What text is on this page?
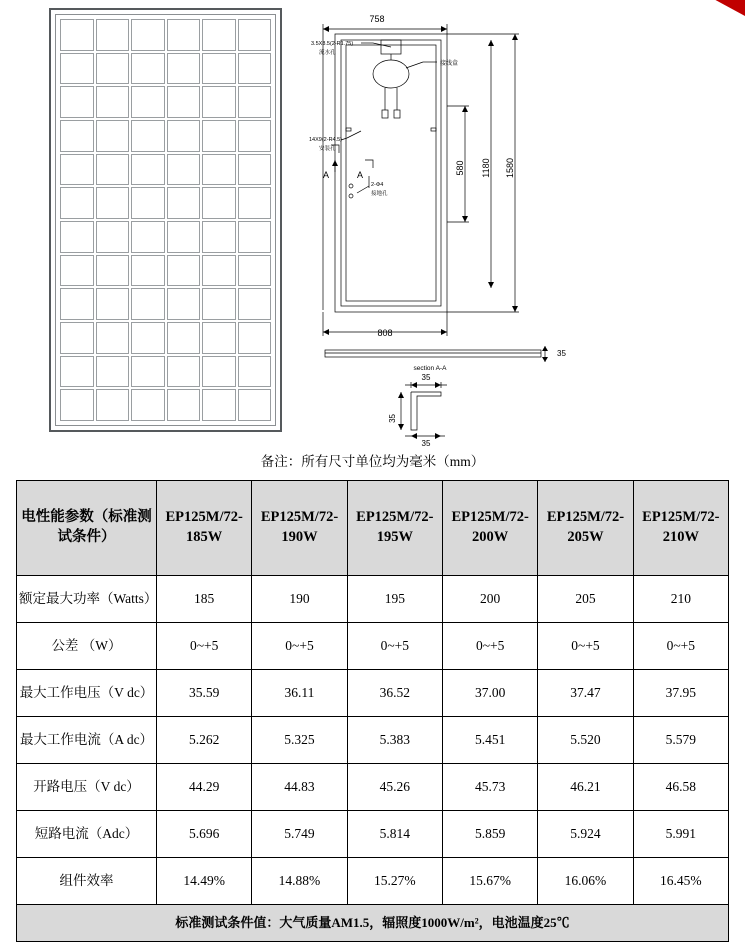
758
808
3.5X8.5(2-R1.75)
流水孔
接线盒
14X9(2-R4.5)
安装孔
2-Φ4
接地孔
A	A	580 1180 1580
35
section A-A
35
35
35
备注：所有尺寸单位均为毫米（mm）
电性能参数（标准测试条件）	EP125M/72-185W	EP125M/72-190W	EP125M/72-195W	EP125M/72-200W	EP125M/72-205W	EP125M/72-210W
额定最大功率（Watts）	185	190	195	200	205	210
公差 （W）	0~+5	0~+5	0~+5	0~+5	0~+5	0~+5
最大工作电压（V dc）	35.59	36.11	36.52	37.00	37.47	37.95
最大工作电流（A dc）	5.262	5.325	5.383	5.451	5.520	5.579
开路电压（V dc）	44.29	44.83	45.26	45.73	46.21	46.58
短路电流（Adc）	5.696	5.749	5.814	5.859	5.924	5.991
组件效率	14.49%	14.88%	15.27%	15.67%	16.06%	16.45%
标准测试条件值：大气质量AM1.5，辐照度1000W/m²，电池温度25℃						
